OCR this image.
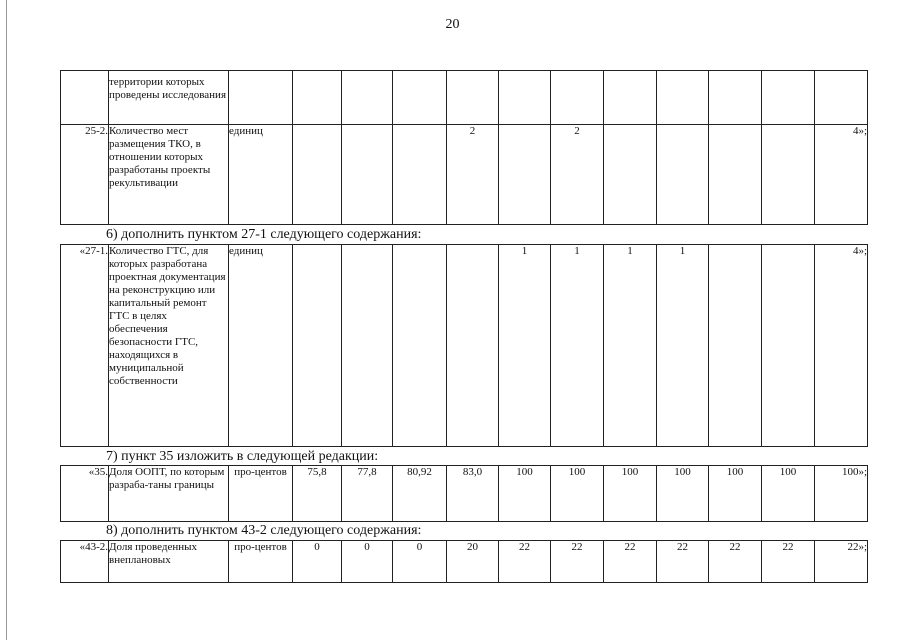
20
	территории которых проведены исследования												
25-2.	Количество мест размещения ТКО, в отношении которых разработаны проекты рекультивации	единиц				2		2					4»;
6) дополнить пунктом 27-1 следующего содержания:
«27-1.	Количество ГТС, для которых разработана проектная документация на реконструкцию или капитальный ремонт ГТС в целях обеспечения безопасности ГТС, находящихся в муниципальной собственности	единиц					1	1	1	1			4»;
7) пункт 35 изложить в следующей редакции:
«35.	Доля ООПТ, по которым разраба-таны границы	про-центов	75,8	77,8	80,92	83,0	100	100	100	100	100	100	100»;
8) дополнить пунктом 43-2 следующего содержания:
«43-2.	Доля проведенных внеплановых	про-центов	0	0	0	20	22	22	22	22	22	22	22»;
